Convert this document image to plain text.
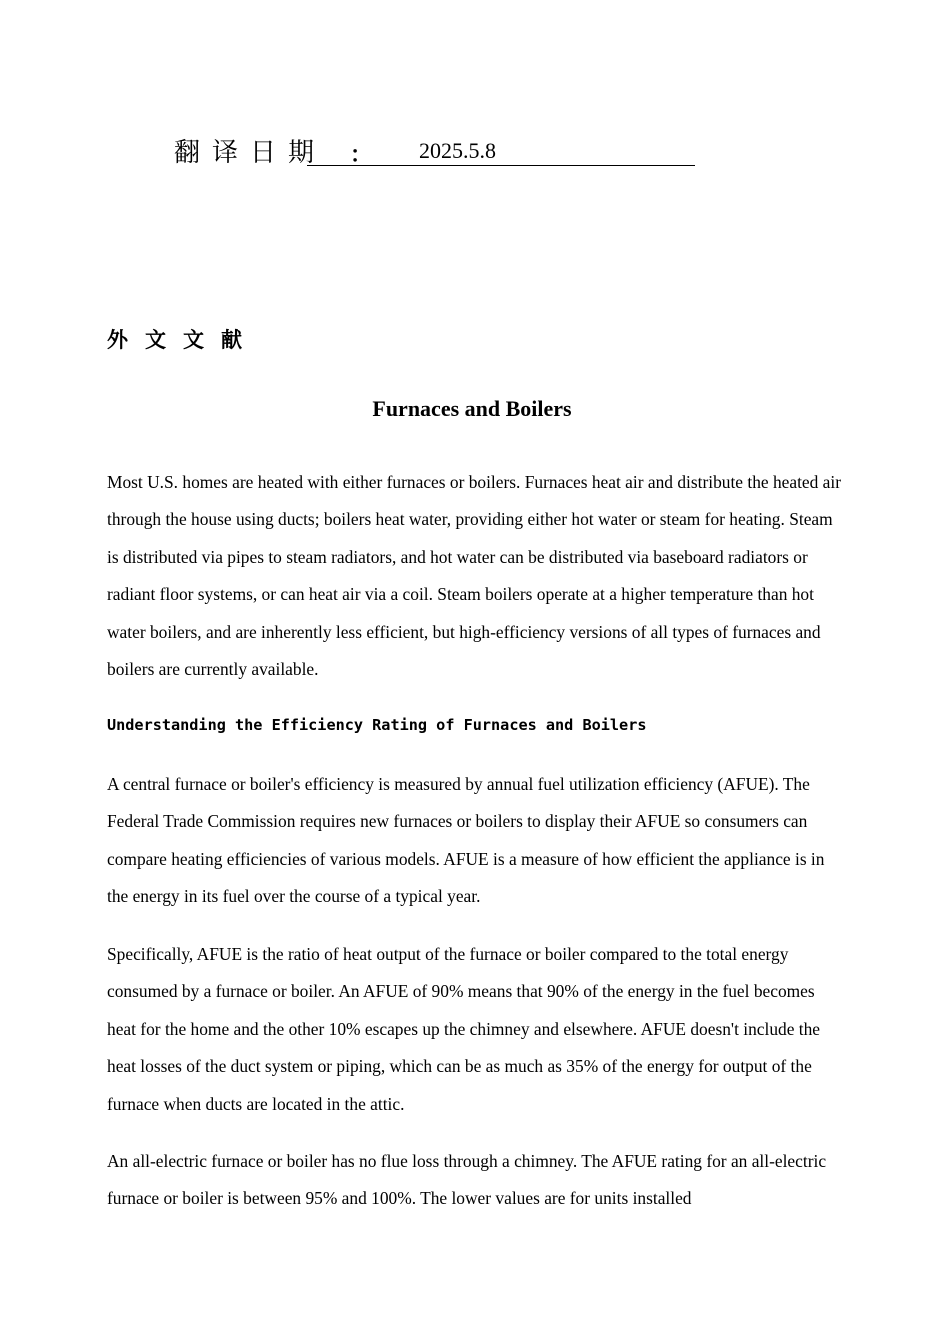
翻译日期 ： 2025.5.8
外文文献
Furnaces and Boilers

Most U.S. homes are heated with either furnaces or boilers. Furnaces heat air and distribute the heated air through the house using ducts; boilers heat water, providing either hot water or steam for heating. Steam is distributed via pipes to steam radiators, and hot water can be distributed via baseboard radiators or radiant floor systems, or can heat air via a coil. Steam boilers operate at a higher temperature than hot water boilers, and are inherently less efficient, but high-efficiency versions of all types of furnaces and boilers are currently available.

Understanding the Efficiency Rating of Furnaces and Boilers

A central furnace or boiler's efficiency is measured by annual fuel utilization efficiency (AFUE). The Federal Trade Commission requires new furnaces or boilers to display their AFUE so consumers can compare heating efficiencies of various models. AFUE is a measure of how efficient the appliance is in the energy in its fuel over the course of a typical year.

Specifically, AFUE is the ratio of heat output of the furnace or boiler compared to the total energy consumed by a furnace or boiler. An AFUE of 90% means that 90% of the energy in the fuel becomes heat for the home and the other 10% escapes up the chimney and elsewhere. AFUE doesn't include the heat losses of the duct system or piping, which can be as much as 35% of the energy for output of the furnace when ducts are located in the attic.

An all-electric furnace or boiler has no flue loss through a chimney. The AFUE rating for an all-electric furnace or boiler is between 95% and 100%. The lower values are for units installed
